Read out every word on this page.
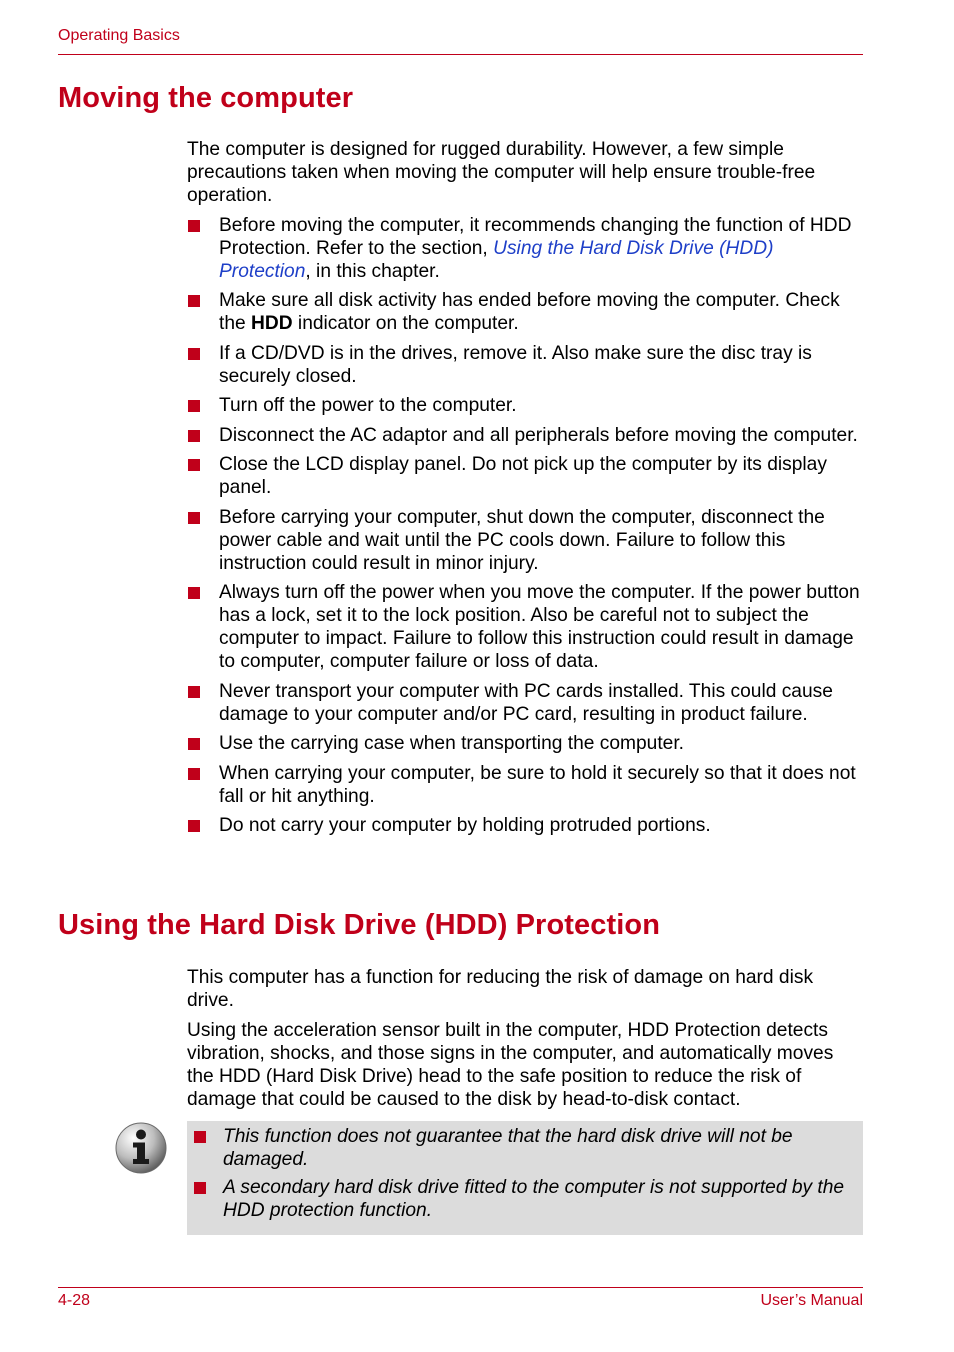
Operating Basics
Moving the computer

The computer is designed for rugged durability. However, a few simple precautions taken when moving the computer will help ensure trouble-free operation.

Before moving the computer, it recommends changing the function of HDD Protection. Refer to the section, Using the Hard Disk Drive (HDD) Protection, in this chapter.
Make sure all disk activity has ended before moving the computer. Check the HDD indicator on the computer.
If a CD/DVD is in the drives, remove it. Also make sure the disc tray is securely closed.
Turn off the power to the computer.
Disconnect the AC adaptor and all peripherals before moving the computer.
Close the LCD display panel. Do not pick up the computer by its display panel.
Before carrying your computer, shut down the computer, disconnect the power cable and wait until the PC cools down. Failure to follow this instruction could result in minor injury.
Always turn off the power when you move the computer. If the power button has a lock, set it to the lock position. Also be careful not to subject the computer to impact. Failure to follow this instruction could result in damage to computer, computer failure or loss of data.
Never transport your computer with PC cards installed. This could cause damage to your computer and/or PC card, resulting in product failure.
Use the carrying case when transporting the computer.
When carrying your computer, be sure to hold it securely so that it does not fall or hit anything.
Do not carry your computer by holding protruded portions.
Using the Hard Disk Drive (HDD) Protection

This computer has a function for reducing the risk of damage on hard disk drive.

Using the acceleration sensor built in the computer, HDD Protection detects vibration, shocks, and those signs in the computer, and automatically moves the HDD (Hard Disk Drive) head to the safe position to reduce the risk of damage that could be caused to the disk by head-to-disk contact.

This function does not guarantee that the hard disk drive will not be damaged.
A secondary hard disk drive fitted to the computer is not supported by the HDD protection function.
4-28	User’s Manual
